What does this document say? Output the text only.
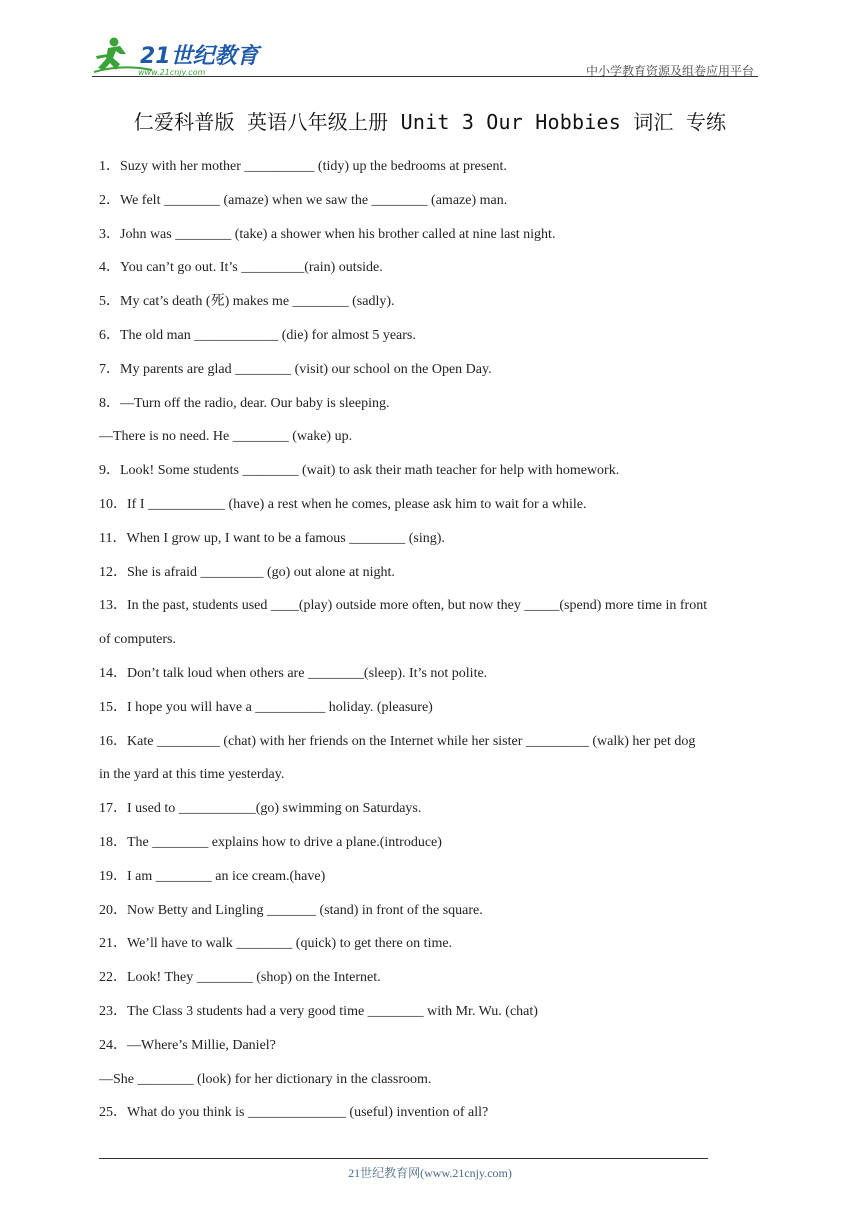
21世纪教育
www.21cnjy.com	中小学教育资源及组卷应用平台
仁爱科普版 英语八年级上册 Unit 3 Our Hobbies 词汇 专练
1．Suzy with her mother __________ (tidy) up the bedrooms at present.
2．We felt ________ (amaze) when we saw the ________ (amaze) man.
3．John was ________ (take) a shower when his brother called at nine last night.
4．You can’t go out. It’s _________(rain) outside.
5．My cat’s death (死) makes me ________ (sadly).
6．The old man ____________ (die) for almost 5 years.
7．My parents are glad ________ (visit) our school on the Open Day.
8．—Turn off the radio, dear. Our baby is sleeping.
—There is no need. He ________ (wake) up.
9．Look! Some students ________ (wait) to ask their math teacher for help with homework.
10．If I ___________ (have) a rest when he comes, please ask him to wait for a while.
11．When I grow up, I want to be a famous ________ (sing).
12．She is afraid _________ (go) out alone at night.
13．In the past, students used ____(play) outside more often, but now they _____(spend) more time in front
of computers.
14．Don’t talk loud when others are ________(sleep). It’s not polite.
15．I hope you will have a __________ holiday. (pleasure)
16．Kate _________ (chat) with her friends on the Internet while her sister _________ (walk) her pet dog
in the yard at this time yesterday.
17．I used to ___________(go) swimming on Saturdays.
18．The ________ explains how to drive a plane.(introduce)
19．I am ________ an ice cream.(have)
20．Now Betty and Lingling _______ (stand) in front of the square.
21．We’ll have to walk ________ (quick) to get there on time.
22．Look! They ________ (shop) on the Internet.
23．The Class 3 students had a very good time ________ with Mr. Wu. (chat)
24．—Where’s Millie, Daniel?
—She ________ (look) for her dictionary in the classroom.
25．What do you think is ______________ (useful) invention of all?
21世纪教育网(www.21cnjy.com)
